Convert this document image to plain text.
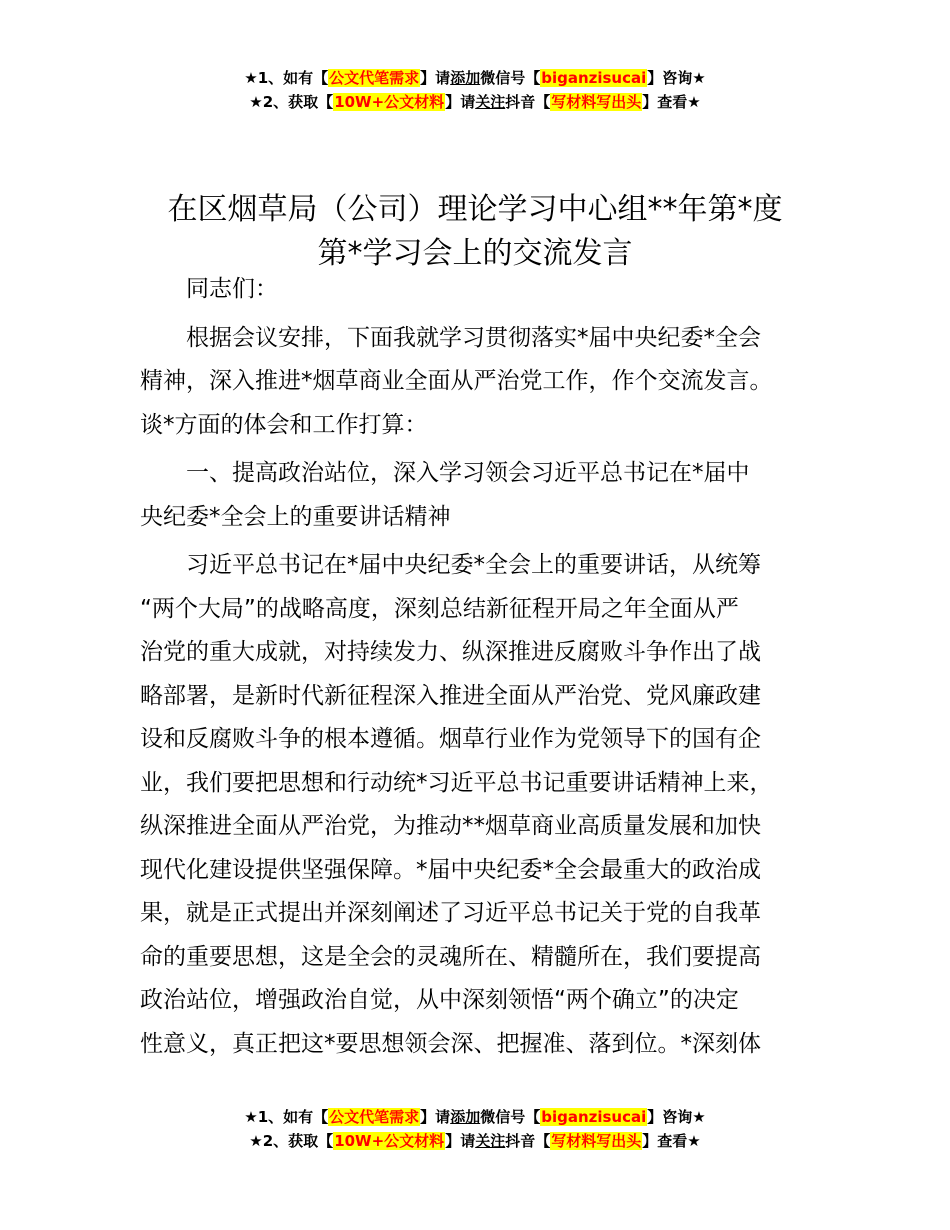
★1、如有【公文代笔需求】请添加微信号【biganzisucai】咨询★
★2、获取【10W+公文材料】请关注抖音【写材料写出头】查看★
在区烟草局（公司）理论学习中心组**年第*度
第*学习会上的交流发言

　　同志们：

　　根据会议安排，下面我就学习贯彻落实*届中央纪委*全会
精神，深入推进*烟草商业全面从严治党工作，作个交流发言。
谈*方面的体会和工作打算：

　　一、提高政治站位，深入学习领会习近平总书记在*届中
央纪委*全会上的重要讲话精神

　　习近平总书记在*届中央纪委*全会上的重要讲话，从统筹
“两个大局”的战略高度，深刻总结新征程开局之年全面从严
治党的重大成就，对持续发力、纵深推进反腐败斗争作出了战
略部署，是新时代新征程深入推进全面从严治党、党风廉政建
设和反腐败斗争的根本遵循。烟草行业作为党领导下的国有企
业，我们要把思想和行动统*习近平总书记重要讲话精神上来，
纵深推进全面从严治党，为推动**烟草商业高质量发展和加快
现代化建设提供坚强保障。*届中央纪委*全会最重大的政治成
果，就是正式提出并深刻阐述了习近平总书记关于党的自我革
命的重要思想，这是全会的灵魂所在、精髓所在，我们要提高
政治站位，增强政治自觉，从中深刻领悟“两个确立”的决定
性意义，真正把这*要思想领会深、把握准、落到位。*深刻体

★1、如有【公文代笔需求】请添加微信号【biganzisucai】咨询★
★2、获取【10W+公文材料】请关注抖音【写材料写出头】查看★
